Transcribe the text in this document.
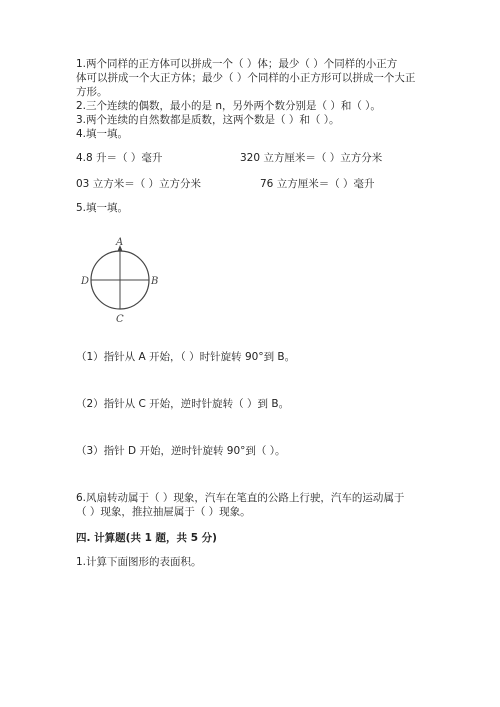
1.两个同样的正方体可以拼成一个（ ）体；最少（ ）个同样的小正方
体可以拼成一个大正方体；最少（ ）个同样的小正方形可以拼成一个大正
方形。
2.三个连续的偶数，最小的是 n，另外两个数分别是（ ）和（ ）。
3.两个连续的自然数都是质数，这两个数是（ ）和（ ）。
4.填一填。
4.8 升＝（ ）毫升	320 立方厘米＝（ ）立方分米
03 立方米＝（ ）立方分米	76 立方厘米＝（ ）毫升
5.填一填。
A
B
C
D
（1）指针从 A 开始，（ ）时针旋转 90°到 B。
（2）指针从 C 开始，逆时针旋转（ ）到 B。
（3）指针 D 开始，逆时针旋转 90°到（ ）。
6.风扇转动属于（ ）现象，汽车在笔直的公路上行驶，汽车的运动属于
（ ）现象，推拉抽屉属于（ ）现象。
四. 计算题(共 1 题，共 5 分)
1.计算下面图形的表面积。
